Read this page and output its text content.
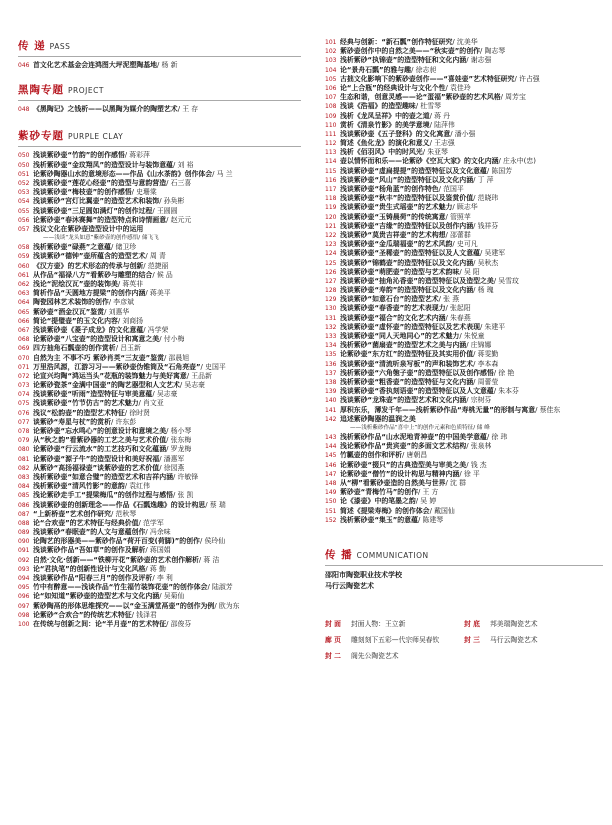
传 递 PASS
046 首文化艺术基金会连鸿图大坪泥塑陶基地/ 杨 新
黑陶专题 PROJECT
048 《黑陶记》之钱析——以黑陶为媒介的陶塑艺术/ 王 存
紫砂专题 PURPLE CLAY
050 浅谈紫砂壶“竹韵”的创作感悟/ 蒋彩萍
050 浅析紫砂壶“金玟翔凤”的造型设计与装饰意蕴/ 刘 裕
051 论紫砂陶器山水的意境形态——作品《山水茶韵》创作体会/ 马 兰
052 浅谈紫砂壶“莲花心经壶”的造型与意韵营造/ 石三喜
053 浅谈紫砂壶“梅枝壶”的创作感悟/ 史珊棠
054 浅谈紫砂“宫灯比翼壶”的造型艺术和装饰/ 孙奂彬
055 浅谈紫砂壶“三足圆如满灯”的创作过程/ 王圆圆
056 论紫砂壶“春沐赛舞”的造型特点和诗情画意/ 赵元元
057 浅议文化在紫砂壶造型设计中的运用
——浅谈“龙头如意”紫砂壶的创作感悟/ 储飞飞
058 浅析紫砂壶“碌燕”之意蕴/ 储卫珍
059 浅谈紫砂“德钟”壶所蕴含的造型艺术/ 周 青
060 《汉方壶》的艺术形态的传承与创新/ 范捷丽
061 从作品“福禄八方”看紫砂与雕塑的结合/ 候 品
062 浅论“泥绘汉瓦”壶的装饰美/ 蒋英非
063 简析作品“天圆地方提梁”的创作内涵/ 蒋美平
064 陶瓷园林艺术装饰的创作/ 李彦斌
065 紫砂壶“酒金汉瓦”鉴赏/ 刘惠华
066 简论“提璧壶”的玉文化内容/ 刘商扬
067 浅谈紫砂壶《菱子成龙》的文化意蕴/ 冯学荣
068 论紫砂壶“八宝壶”的造型设计和寓意之美/ 付小梅
069 四方抽角石瓢壶的创作赏析/ 吕玉新
070 自然为主 不事不巧 紫砂肖英“三友壶”鉴赏/ 邵晨旭
071 万里浩风源，江游习习——紫砂壶伪锥筒及“石角亮壶”/ 史国平
072 论宣兴均陶“鸿运当头”花瓶的装饰魅力与美好寓意/ 王品新
073 论紫砂瓷茶“金满中国壶”的陶艺器型和人文艺术/ 吴志豪
074 浅谈紫砂壶“听雨”造型特征与审美意蕴/ 吴志豪
075 浅谈紫砂壶“竹节仿古”的艺术魅力/ 肖文亚
076 浅议“松韵壶”的造型艺术特征/ 徐时贤
077 谈紫砂“寿星与杖”的赏析/ 许东彭
078 论紫砂壶“忘水鸣心”的创意设计和意境之美/ 杨小琴
079 从“秋之韵”看紫砂器的工艺之美与艺术价值/ 张东梅
080 论紫砂壶“行云流水”的工艺技巧和文化蕴涵/ 罗龙梅
081 论紫砂壶“源子牛”的造型设计和美好祝福/ 潘惠军
082 从紫砂“高扬福禄壶”谈紫砂壶的艺术价值/ 徐园燕
083 浅析紫砂壶“如意合璧”的造型艺术和吉祥内涵/ 许敏锋
084 浅析紫砂壶“清风竹影”的意韵/ 袁红伟
085 浅论紫砂走手工“提梁梅瓜”的创作过程与感悟/ 张 凯
086 浅谈紫砂壶的创新理念——作品《石瓢逸趣》的设计构思/ 蔡 瑞
087 “上新桥壶”艺术创作研究/ 范秋琴
088 论“合欢壶”的艺术特征与经典价值/ 范学军
089 浅谈紫砂“春眠壶”的人文与意蕴创作/ 冯余味
090 论陶艺的形器美——紫砂作品“荷开百变(荷脚)”的创作/ 侯玲仙
091 浅谈紫砂作品“吾如草”的创作及解析/ 蒋国娟
092 自然·文化·创新——“铁柳开花”紫砂壶的艺术创作解析/ 蒋 洁
093 论“君执笔”的创新性设计与文化风格/ 蒋 勤
094 浅谈紫砂作品“阳春三月”的创作及评析/ 李 利
095 竹中有醉意——浅谈作品“竹生福竹装饰花壶”的创作体会/ 陆淑芳
096 论“如知道”紫砂壶的造型艺术与文化内涵/ 吴菊仙
097 紫砂陶鬲的形体思维探究——以“金玉满堂鬲壶”的创作为例/ 欧为东
098 论紫砂“合欢合”的传统艺术特征/ 钱泽君
100 在传统与创新之间：论“半月壶”的艺术特征/ 邵俊芬
101 经典与创新：“新石瓢”创作特征研究/ 沈美华
102 紫砂壶创作中的自然之美——“秋实壶”的创作/ 陶志琴
103 浅析紫砂“执锦壶”的造型特征和文化内涵/ 谢志强
104 论“景舟石瓢”的雅与趣/ 徐志昶
105 古拙文化影响下的紫砂壶创作——“喜娃壶”艺术特征研究/ 许占强
106 论“上合瓶”的经典设计与文化个性/ 袁佳玲
107 生态和谐，创意灵感——论“蛋福”紫砂壶的艺术风格/ 周芳宝
108 浅谈《浩福》的造型趣味/ 杜雪琴
109 浅析《龙凤呈祥》中的壶之道/ 蒋 丹
110 赏析《清泉竹影》的美学意境/ 陆萍伟
111 浅谈紫砂壶《五子登科》的文化寓意/ 潘小强
112 简述《鱼化龙》的演化和意义/ 王志强
113 浅析《佰羽风》中的时风光/ 朱亚琴
114 壶以情怀而和乐——论紫砂《空瓦大家》的文化内涵/ 庄永中(忠)
115 浅谈紫砂壶“虚扁提提”的造型特征以及文化意蕴/ 陈国芳
116 浅谈紫砂壶“风山”的造型特征以及文化内涵/ 丁 萍
117 浅谈紫砂壶“杨角蓝”的创作特色/ 范国平
118 浅谈紫砂壶“秋丰”的造型特征以及鉴赏价值/ 范晓玮
119 浅谈紫砂壶“贵生式瑶壶”的艺术魅力/ 顾志华
120 浅谈紫砂壶“玉铸晨荷”的传统寓意/ 管照苹
121 浅谈紫砂壶“吉缘”的造型特征以及创作内涵/ 钱祥芬
122 浅谈紫砂“莫贵吉祥壶”的艺术构想/ 邵蕾群
123 浅谈紫砂壶“金瓜瑞福壶”的艺术风韵/ 史可凡
124 浅谈紫砂壶“圣稀壶”的造型特征以及人文意蕴/ 吴建军
125 浅谈紫砂“锦鹤壶”的造型特征以及文化内涵/ 吴秋杰
126 浅谈紫砂壶“萌肥壶”的造型与艺术韵味/ 吴 阳
127 浅谈紫砂壶“抽角沁香壶”的造型特征以及造型之美/ 吴雪玟
128 浅谈紫砂壶“寿韵”的造型特征以及文化内涵/ 杨 瑰
129 浅谈紫砂“如意石台”的造型艺术/ 张 燕
130 浅谈紫砂壶“春香壶”的艺术表现力/ 张起阳
131 浅谈紫砂壶“福合”的文化艺术内涵/ 朱春燕
132 浅谈紫砂壶“虚怀壶”的造型特征以及艺术表现/ 朱建平
133 浅谈紫砂壶“同人天地同心”的艺术魅力/ 朱悦童
134 浅析紫砂“菌扇壶”的造型艺术之美与内涵/ 庄锦娜
135 论紫砂壶“东方红”的造型特征及其实用价值/ 蒋雯勤
136 浅谈紫砂壶“清流听泉写板”的声和装饰艺术/ 李本森
137 浅析紫砂壶“六角匏子壶”的造型特征以及创作感悟/ 徐 艳
138 浅析紫砂壶“粗香壶”的造型特征与文化内涵/ 周蕾莹
139 浅谈紫砂壶“香执刻语壶”的造型特征以及人文意蕴/ 朱本芬
140 浅谈紫砂“龙珠壶”的造型艺术和文化内涵/ 宗树芬
141 厚积东乐，薄发千年——浅析紫砂作品“寿桃无量”的形制与寓意/ 蔡佳东
142 追述紫砂陶器的温润之美
——浅析紫砂作品“喜中上”的创作元素和色质特征/ 储 峰
143 浅析紫砂作品“山水泥地青神壶”的中国美学意蕴/ 徐 玮
144 浅论紫砂作品“贵宾壶”的多面文艺术结构/ 张泉林
145 竹瓤壶的创作和评析/ 唐朝昌
146 论紫砂壶“掇只”的古典造型美与审美之美/ 钱 杰
147 论紫砂壶“僧竹”的设计构思与精神内涵/ 徐 平
148 从“柳”看紫砂壶造的自然美与世界/ 沈 群
149 紫砂壶“青梅竹马”的创作/ 王 方
150 论《漆壶》中的笔墨之韵/ 吴 婷
151 简述《提梁寿梅》的创作体会/ 戴国仙
152 浅析紫砂壶“集玉”的意蕴/ 陈建琴
传 播 COMMUNICATION
邵阳市陶瓷职业技术学校
马行云陶瓷艺术
封 面	封面人物：王立新	封 底	邦美瑞陶瓷艺术
廊 页	雕刻刻下五彩—代宗师吴春钦	封 三	马行云陶瓷艺术
封 二	阁先公陶瓷艺术
